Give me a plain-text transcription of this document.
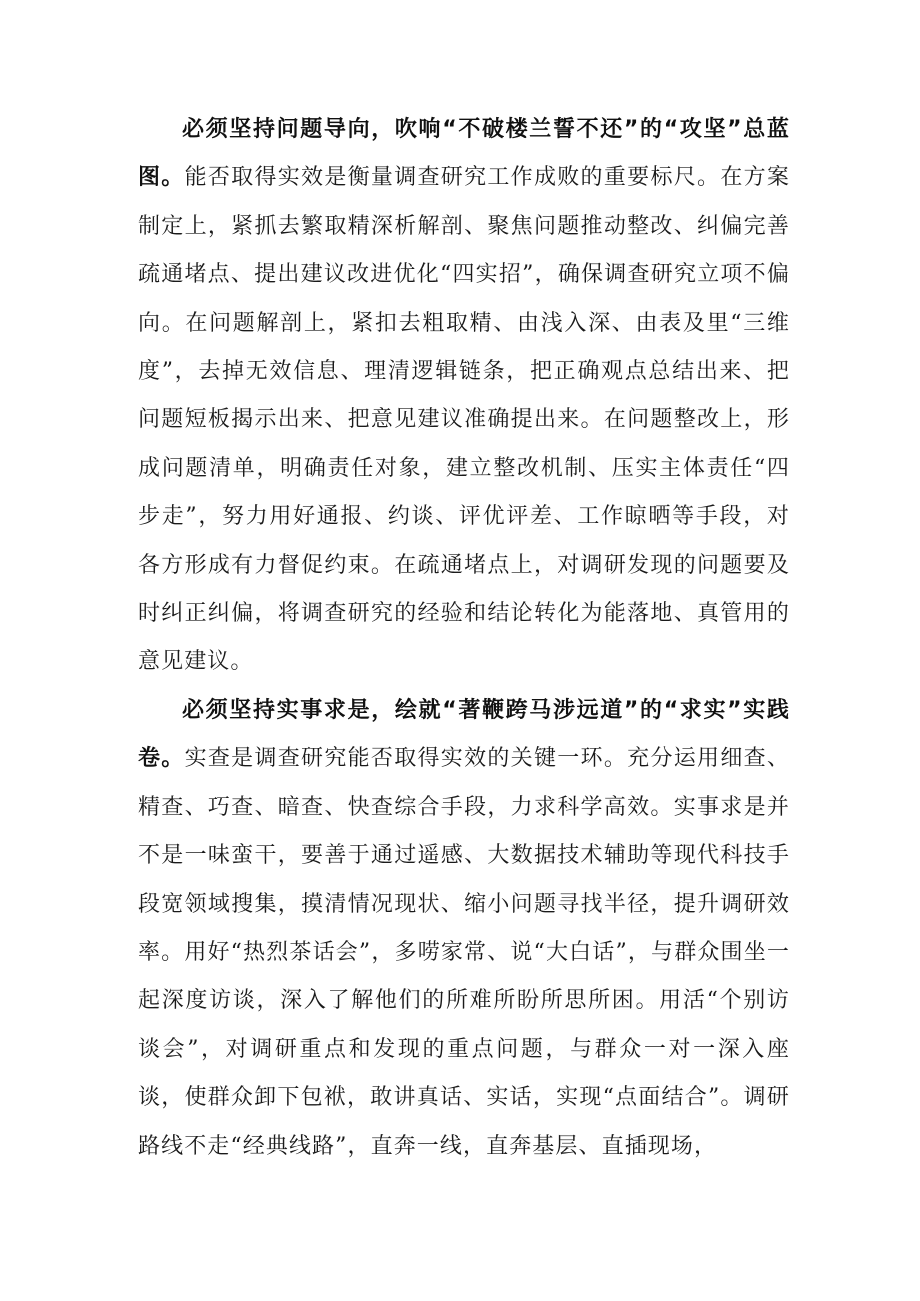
必须坚持问题导向，吹响“不破楼兰誓不还”的“攻坚”总蓝图。能否取得实效是衡量调查研究工作成败的重要标尺。在方案制定上，紧抓去繁取精深析解剖、聚焦问题推动整改、纠偏完善疏通堵点、提出建议改进优化“四实招”，确保调查研究立项不偏向。在问题解剖上，紧扣去粗取精、由浅入深、由表及里“三维度”，去掉无效信息、理清逻辑链条，把正确观点总结出来、把问题短板揭示出来、把意见建议准确提出来。在问题整改上，形成问题清单，明确责任对象，建立整改机制、压实主体责任“四步走”，努力用好通报、约谈、评优评差、工作晾晒等手段，对各方形成有力督促约束。在疏通堵点上，对调研发现的问题要及时纠正纠偏，将调查研究的经验和结论转化为能落地、真管用的意见建议。

必须坚持实事求是，绘就“著鞭跨马涉远道”的“求实”实践卷。实查是调查研究能否取得实效的关键一环。充分运用细查、精查、巧查、暗查、快查综合手段，力求科学高效。实事求是并不是一味蛮干，要善于通过遥感、大数据技术辅助等现代科技手段宽领域搜集，摸清情况现状、缩小问题寻找半径，提升调研效率。用好“热烈茶话会”，多唠家常、说“大白话”，与群众围坐一起深度访谈，深入了解他们的所难所盼所思所困。用活“个别访谈会”，对调研重点和发现的重点问题，与群众一对一深入座谈，使群众卸下包袱，敢讲真话、实话，实现“点面结合”。调研路线不走“经典线路”，直奔一线，直奔基层、直插现场，
